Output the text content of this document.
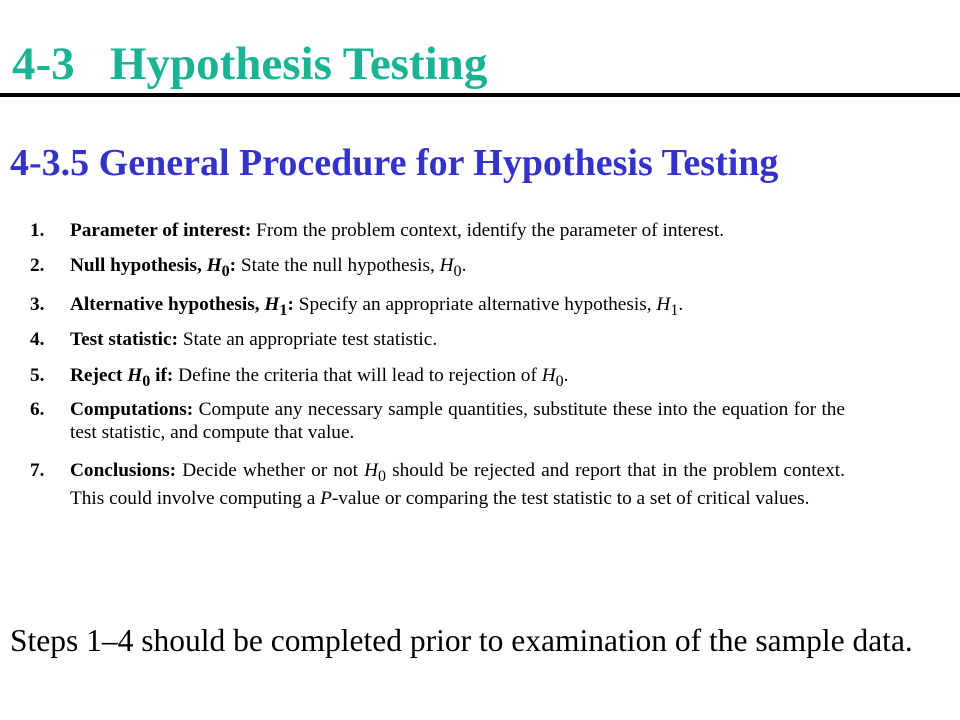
4-3   Hypothesis Testing
4-3.5 General Procedure for Hypothesis Testing
1.	Parameter of interest: From the problem context, identify the parameter of interest.
2.	Null hypothesis, $H_0$: State the null hypothesis, $H_0$.
3.	Alternative hypothesis, $H_1$: Specify an appropriate alternative hypothesis, $H_1$.
4.	Test statistic: State an appropriate test statistic.
5.	Reject $H_0$ if: Define the criteria that will lead to rejection of $H_0$.
6.	Computations: Compute any necessary sample quantities, substitute these into the equation for the test statistic, and compute that value.
7.	Conclusions: Decide whether or not $H_0$ should be rejected and report that in the problem context. This could involve computing a P-value or comparing the test statistic to a set of critical values.

Steps 1–4 should be completed prior to examination of the sample data.
